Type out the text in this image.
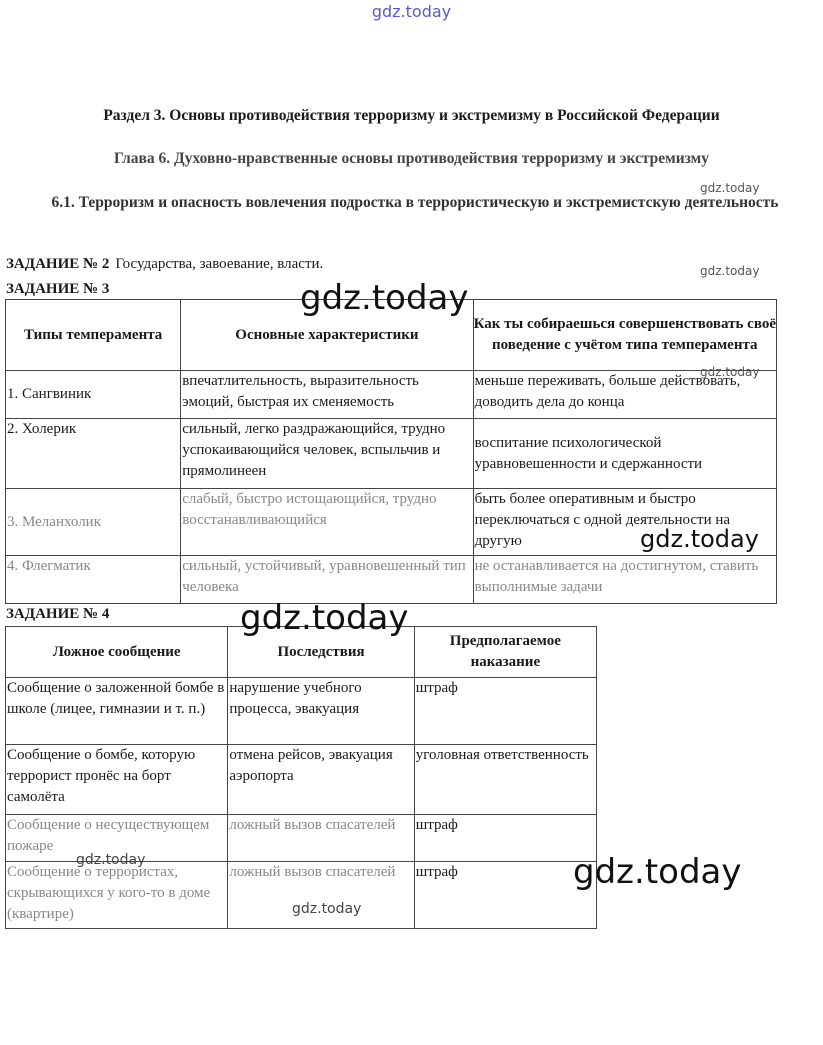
gdz.today
Раздел 3. Основы противодействия терроризму и экстремизму в Российской Федерации
Глава 6. Духовно-нравственные основы противодействия терроризму и экстремизму
6.1. Терроризм и опасность вовлечения подростка в террористическую и экстремистскую деятельность
ЗАДАНИЕ № 2 Государства, завоевание, власти.
ЗАДАНИЕ № 3
Типы темперамента	Основные характеристики	Как ты собираешься совершенствовать своё поведение с учётом типа темперамента
1. Сангвиник	впечатлительность, выразительность эмоций, быстрая их сменяемость	меньше переживать, больше действовать, доводить дела до конца
2. Холерик	сильный, легко раздражающийся, трудно успокаивающийся человек, вспыльчив и прямолинеен	воспитание психологической уравновешенности и сдержанности
3. Меланхолик	слабый, быстро истощающийся, трудно восстанавливающийся	быть более оперативным и быстро переключаться с одной деятельности на другую
4. Флегматик	сильный, устойчивый, уравновешенный тип человека	не останавливается на достигнутом, ставить выполнимые задачи
ЗАДАНИЕ № 4
Ложное сообщение	Последствия	Предполагаемое наказание
Сообщение о заложенной бомбе в школе (лицее, гимназии и т. п.)	нарушение учебного процесса, эвакуация	штраф
Сообщение о бомбе, которую террорист пронёс на борт самолёта	отмена рейсов, эвакуация аэропорта	уголовная ответственность
Сообщение о несуществующем пожаре	ложный вызов спасателей	штраф
Сообщение о террористах, скрывающихся у кого-то в доме (квартире)	ложный вызов спасателей	штраф
gdz.today
gdz.today
gdz.today
gdz.today
gdz.today
gdz.today
gdz.today
gdz.today
gdz.today
